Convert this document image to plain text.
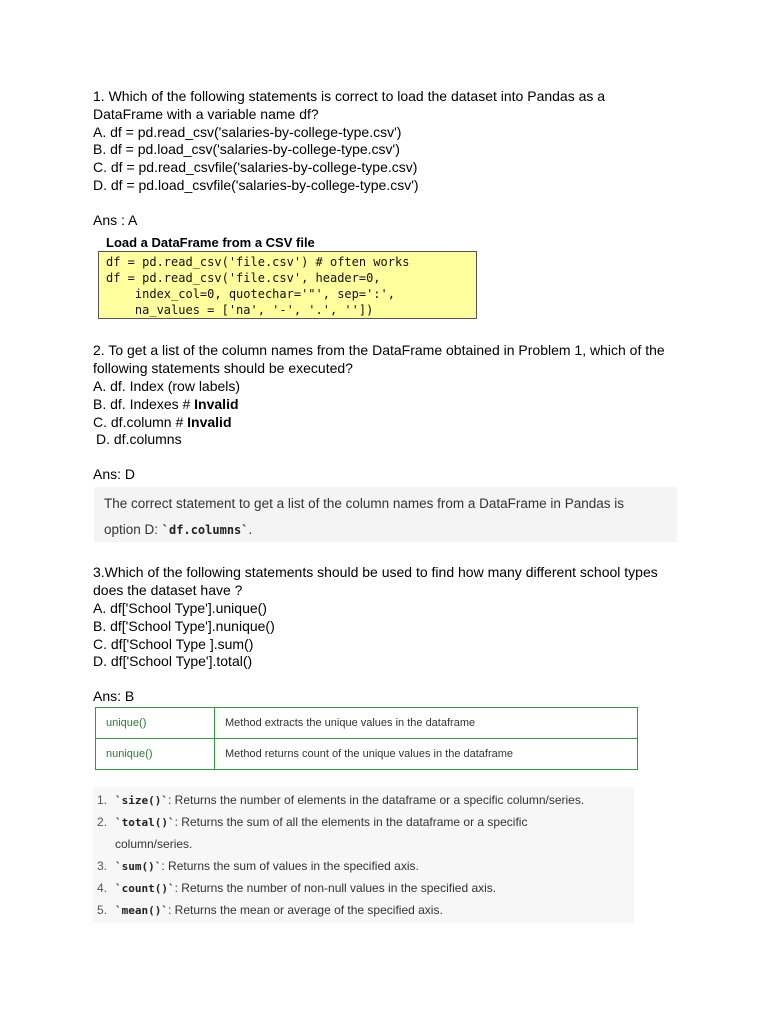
1. Which of the following statements is correct to load the dataset into Pandas as a
DataFrame with a variable name df?
A. df = pd.read_csv('salaries-by-college-type.csv')
B. df = pd.load_csv('salaries-by-college-type.csv')
C. df = pd.read_csvfile('salaries-by-college-type.csv)
D. df = pd.load_csvfile('salaries-by-college-type.csv')
Ans : A
Load a DataFrame from a CSV file
df = pd.read_csv('file.csv') # often works
df = pd.read_csv('file.csv', header=0,
index_col=0, quotechar='"', sep=':',
na_values = ['na', '-', '.', ''])
2. To get a list of the column names from the DataFrame obtained in Problem 1, which of the
following statements should be executed?
A. df. Index (row labels)
B. df. Indexes # Invalid
C. df.column # Invalid
D. df.columns
Ans: D
The correct statement to get a list of the column names from a DataFrame in Pandas is
option D: `df.columns`.
3.Which of the following statements should be used to find how many different school types
does the dataset have ?
A. df['School Type'].unique()
B. df['School Type'].nunique()
C. df['School Type ].sum()
D. df['School Type'].total()
Ans: B
unique()	Method extracts the unique values in the dataframe
nunique()	Method returns count of the unique values in the dataframe
1. `size()`: Returns the number of elements in the dataframe or a specific column/series.
2. `total()`: Returns the sum of all the elements in the dataframe or a specific
column/series.
3. `sum()`: Returns the sum of values in the specified axis.
4. `count()`: Returns the number of non-null values in the specified axis.
5. `mean()`: Returns the mean or average of the specified axis.
